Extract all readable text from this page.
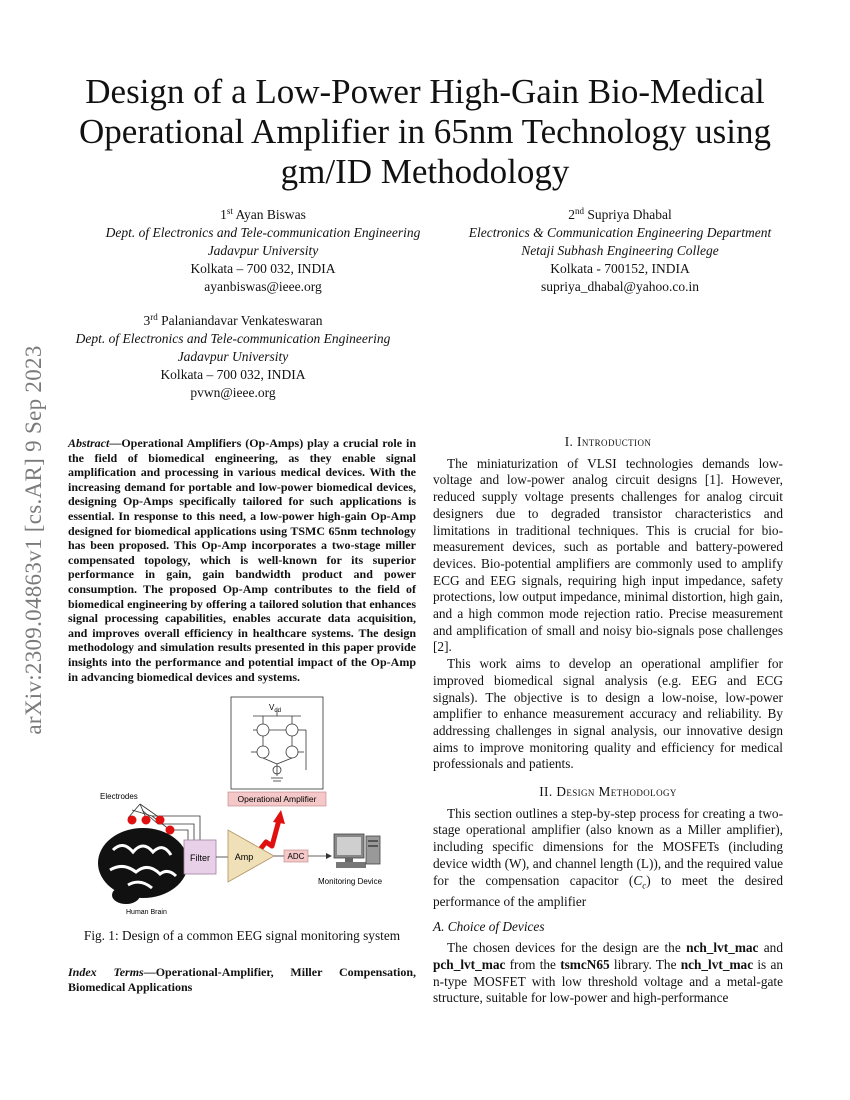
arXiv:2309.04863v1 [cs.AR] 9 Sep 2023
Design of a Low-Power High-Gain Bio-Medical Operational Amplifier in 65nm Technology using gm/ID Methodology
1st Ayan Biswas
Dept. of Electronics and Tele-communication Engineering
Jadavpur University
Kolkata – 700 032, INDIA
ayanbiswas@ieee.org
2nd Supriya Dhabal
Electronics & Communication Engineering Department
Netaji Subhash Engineering College
Kolkata - 700152, INDIA
supriya_dhabal@yahoo.co.in
3rd Palaniandavar Venkateswaran
Dept. of Electronics and Tele-communication Engineering
Jadavpur University
Kolkata – 700 032, INDIA
pvwn@ieee.org
Abstract—Operational Amplifiers (Op-Amps) play a crucial role in the field of biomedical engineering, as they enable signal amplification and processing in various medical devices. With the increasing demand for portable and low-power biomedical devices, designing Op-Amps specifically tailored for such applications is essential. In response to this need, a low-power high-gain Op-Amp designed for biomedical applications using TSMC 65nm technology has been proposed. This Op-Amp incorporates a two-stage miller compensated topology, which is well-known for its superior performance in gain, gain bandwidth product and power consumption. The proposed Op-Amp contributes to the field of biomedical engineering by offering a tailored solution that enhances signal processing capabilities, enables accurate data acquisition, and improves overall efficiency in healthcare systems. The design methodology and simulation results presented in this paper provide insights into the performance and potential impact of the Op-Amp in advancing biomedical devices and systems.
$V_{dd}$
Operational Amplifier
Electrodes
Filter	Amp	ADC
Monitoring Device
Human Brain
Fig. 1: Design of a common EEG signal monitoring system
Index Terms—Operational-Amplifier, Miller Compensation, Biomedical Applications
I. Introduction

The miniaturization of VLSI technologies demands low-voltage and low-power analog circuit designs [1]. However, reduced supply voltage presents challenges for analog circuit designers due to degraded transistor characteristics and limitations in traditional techniques. This is crucial for bio-measurement devices, such as portable and battery-powered devices. Bio-potential amplifiers are commonly used to amplify ECG and EEG signals, requiring high input impedance, safety protections, low output impedance, minimal distortion, high gain, and a high common mode rejection ratio. Precise measurement and amplification of small and noisy bio-signals pose challenges [2].

This work aims to develop an operational amplifier for improved biomedical signal analysis (e.g. EEG and ECG signals). The objective is to design a low-noise, low-power amplifier to enhance measurement accuracy and reliability. By addressing challenges in signal analysis, our innovative design aims to improve monitoring quality and efficiency for medical professionals and patients.

II. Design Methodology

This section outlines a step-by-step process for creating a two-stage operational amplifier (also known as a Miller amplifier), including specific dimensions for the MOSFETs (including device width (W), and channel length (L)), and the required value for the compensation capacitor $(C_c)$ to meet the desired performance of the amplifier

A. Choice of Devices

The chosen devices for the design are the nch_lvt_mac and pch_lvt_mac from the tsmcN65 library. The nch_lvt_mac is an n-type MOSFET with low threshold voltage and a metal-gate structure, suitable for low-power and high-performance
